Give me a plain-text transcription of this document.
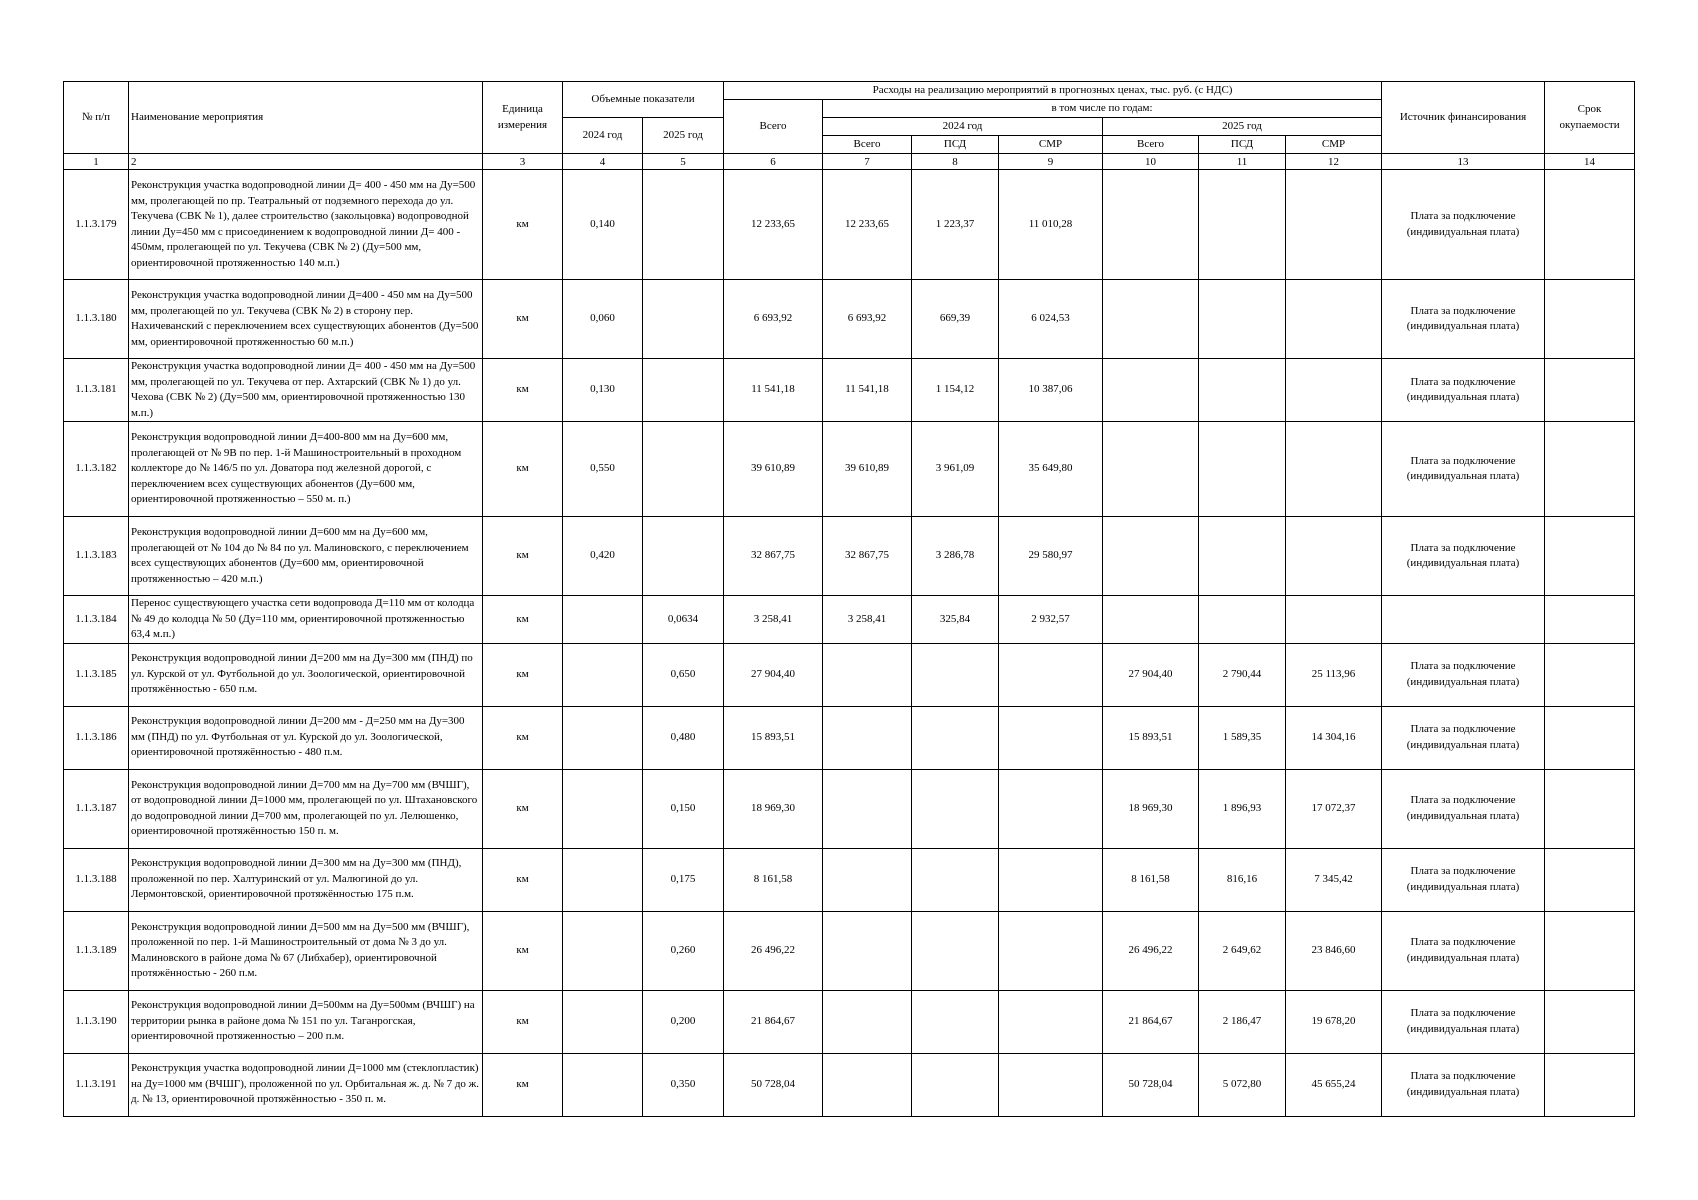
№ п/п	Наименование мероприятия	Единица измерения	Объемные показатели		Расходы на реализацию мероприятий в прогнозных ценах, тыс. руб. (с НДС)							Источник финансирования	Срок окупаемости
					Всего	в том числе по годам:							
			2024 год	2025 год		2024 год			2025 год				
						Всего	ПСД	СМР	Всего	ПСД	СМР		
1	2	3	4	5	6	7	8	9	10	11	12	13	14
1.1.3.179	Реконструкция участка водопроводной линии Д= 400 - 450 мм на Ду=500 мм, пролегающей по пр. Театральный от подземного перехода до ул. Текучева (СВК № 1), далее строительство (закольцовка) водопроводной линии Ду=450 мм с присоединением к водопроводной линии Д= 400 - 450мм, пролегающей по ул. Текучева (СВК № 2) (Ду=500 мм, ориентировочной протяженностью 140 м.п.)	км	0,140		12 233,65	12 233,65	1 223,37	11 010,28				Плата за подключение (индивидуальная плата)	
1.1.3.180	Реконструкция участка водопроводной линии Д=400 - 450 мм на Ду=500 мм, пролегающей по ул. Текучева (СВК № 2) в сторону пер. Нахичеванский с переключением всех существующих абонентов (Ду=500 мм, ориентировочной протяженностью 60 м.п.)	км	0,060		6 693,92	6 693,92	669,39	6 024,53				Плата за подключение (индивидуальная плата)	
1.1.3.181	Реконструкция участка водопроводной линии Д= 400 - 450 мм на Ду=500 мм, пролегающей по ул. Текучева от пер. Ахтарский (СВК № 1) до ул. Чехова (СВК № 2) (Ду=500 мм, ориентировочной протяженностью 130 м.п.)	км	0,130		11 541,18	11 541,18	1 154,12	10 387,06				Плата за подключение (индивидуальная плата)	
1.1.3.182	Реконструкция водопроводной линии Д=400-800 мм на Ду=600 мм, пролегающей от № 9В по пер. 1-й Машиностроительный в проходном коллекторе до № 146/5 по ул. Доватора под железной дорогой, с переключением всех существующих абонентов (Ду=600 мм, ориентировочной протяженностью – 550 м. п.)	км	0,550		39 610,89	39 610,89	3 961,09	35 649,80				Плата за подключение (индивидуальная плата)	
1.1.3.183	Реконструкция водопроводной линии Д=600 мм на Ду=600 мм, пролегающей от № 104 до № 84 по ул. Малиновского, с переключением всех существующих абонентов (Ду=600 мм, ориентировочной протяженностью – 420 м.п.)	км	0,420		32 867,75	32 867,75	3 286,78	29 580,97				Плата за подключение (индивидуальная плата)	
1.1.3.184	Перенос существующего участка сети водопровода Д=110 мм от колодца № 49 до колодца № 50 (Ду=110 мм, ориентировочной протяженностью 63,4 м.п.)	км		0,0634	3 258,41	3 258,41	325,84	2 932,57					
1.1.3.185	Реконструкция водопроводной линии Д=200 мм на Ду=300 мм (ПНД) по ул. Курской от ул. Футбольной до ул. Зоологической, ориентировочной протяжённостью - 650 п.м.	км		0,650	27 904,40				27 904,40	2 790,44	25 113,96	Плата за подключение (индивидуальная плата)	
1.1.3.186	Реконструкция водопроводной линии Д=200 мм - Д=250 мм на Ду=300 мм (ПНД) по ул. Футбольная от ул. Курской до ул. Зоологической, ориентировочной протяжённостью - 480 п.м.	км		0,480	15 893,51				15 893,51	1 589,35	14 304,16	Плата за подключение (индивидуальная плата)	
1.1.3.187	Реконструкция водопроводной линии Д=700 мм на Ду=700 мм (ВЧШГ), от водопроводной линии Д=1000 мм, пролегающей по ул. Штахановского до водопроводной линии Д=700 мм, пролегающей по ул. Лелюшенко, ориентировочной протяжённостью 150 п. м.	км		0,150	18 969,30				18 969,30	1 896,93	17 072,37	Плата за подключение (индивидуальная плата)	
1.1.3.188	Реконструкция водопроводной линии Д=300 мм на Ду=300 мм (ПНД), проложенной по пер. Халтуринский от ул. Малюгиной до ул. Лермонтовской, ориентировочной протяжённостью 175 п.м.	км		0,175	8 161,58				8 161,58	816,16	7 345,42	Плата за подключение (индивидуальная плата)	
1.1.3.189	Реконструкция водопроводной линии Д=500 мм на Ду=500 мм (ВЧШГ), проложенной по пер. 1-й Машиностроительный от дома № 3 до ул. Малиновского в районе дома № 67 (Либхабер), ориентировочной протяжённостью - 260 п.м.	км		0,260	26 496,22				26 496,22	2 649,62	23 846,60	Плата за подключение (индивидуальная плата)	
1.1.3.190	Реконструкция водопроводной линии Д=500мм на Ду=500мм (ВЧШГ) на территории рынка в районе дома № 151 по ул. Таганрогская, ориентировочной протяженностью – 200 п.м.	км		0,200	21 864,67				21 864,67	2 186,47	19 678,20	Плата за подключение (индивидуальная плата)	
1.1.3.191	Реконструкция участка водопроводной линии Д=1000 мм (стеклопластик) на Ду=1000 мм (ВЧШГ), проложенной по ул. Орбитальная ж. д. № 7 до ж. д. № 13, ориентировочной протяжённостью - 350 п. м.	км		0,350	50 728,04				50 728,04	5 072,80	45 655,24	Плата за подключение (индивидуальная плата)	
